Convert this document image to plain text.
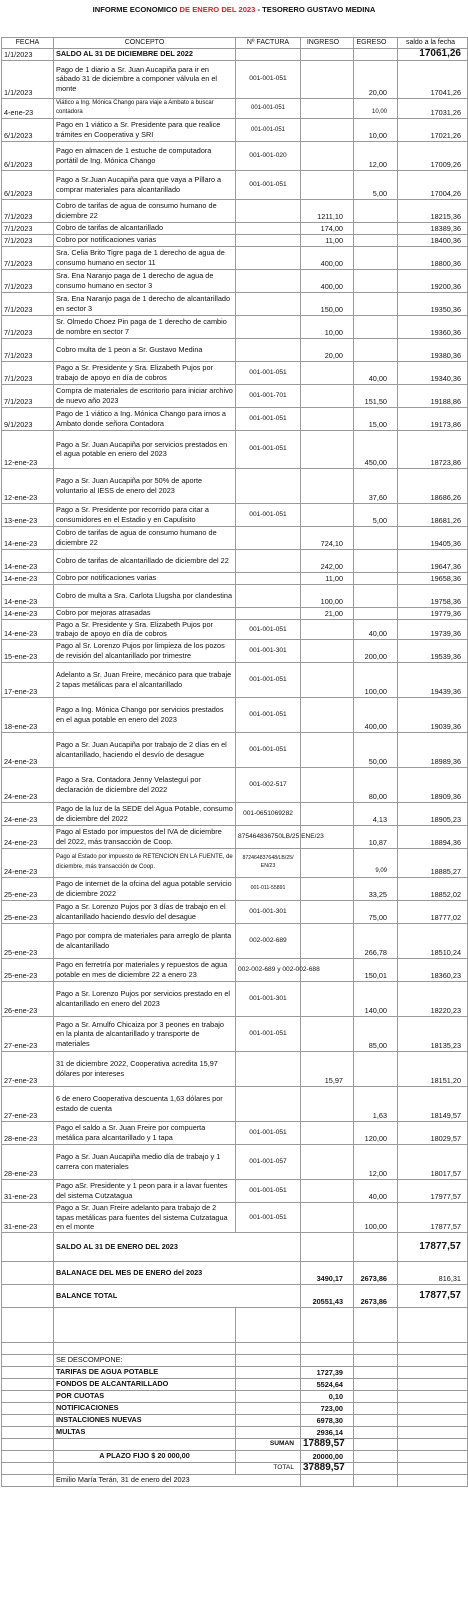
INFORME ECONOMICO DE ENERO DEL 2023 - TESORERO GUSTAVO MEDINA
FECHA	CONCEPTO	Nº FACTURA	INGRESO	EGRESO	saldo a la fecha
1/1/2023	SALDO AL 31 DE DICIEMBRE DEL 2022				17061,26
1/1/2023	Pago de 1 diario a Sr. Juan Aucapiña para ir en sábado 31 de diciembre a componer válvula en el monte	001-001-051		20,00	17041,26
4-ene-23	Viático a Ing. Mónica Chango para viaje a Ambato a buscar contadora	001-001-051		10,00	17031,26
6/1/2023	Pago en 1 viático a Sr. Presidente para que realice trámites en Cooperativa y SRI	001-001-051		10,00	17021,26
6/1/2023	Pago en almacen de 1 estuche de computadora portátil de Ing. Mónica Chango	001-001-020		12,00	17009,26
6/1/2023	Pago a Sr.Juan Aucapiña para que vaya a Píllaro a comprar materiales para alcantarillado	001-001-051		5,00	17004,26
7/1/2023	Cobro de tarifas de agua de consumo humano de diciembre 22		1211,10		18215,36
7/1/2023	Cobro de tarifas de alcantarillado		174,00		18389,36
7/1/2023	Cobro por notificaciones varias		11,00		18400,36
7/1/2023	Sra. Celia Brito Tigre paga de 1 derecho de agua de consumo humano en sector 11		400,00		18800,36
7/1/2023	Sra. Ena Naranjo paga de 1 derecho de agua de consumo humano en sector 3		400,00		19200,36
7/1/2023	Sra. Ena Naranjo paga de 1 derecho de alcantarillado en sector 3		150,00		19350,36
7/1/2023	Sr. Olmedo Choez Pin paga de 1 derecho de cambio de nombre en sector 7		10,00		19360,36
7/1/2023	Cobro multa de 1 peon a Sr. Gustavo Medina		20,00		19380,36
7/1/2023	Pago a Sr. Presidente y Sra. Elizabeth Pujos por trabajo de apoyo en día de cobros	001-001-051		40,00	19340,36
7/1/2023	Compra de materiales de escritorio para iniciar archivo de nuevo año 2023	001-001-701		151,50	19188,86
9/1/2023	Pago de 1 viático a Ing. Mónica Chango para irnos a Ambato donde señora Contadora	001-001-051		15,00	19173,86
12-ene-23	Pago a Sr. Juan Aucapiña por servicios prestados en el agua potable en enero del 2023	001-001-051		450,00	18723,86
12-ene-23	Pago a Sr. Juan Aucapiña por 50% de aporte voluntario al IESS de enero del 2023			37,60	18686,26
13-ene-23	Pago a Sr. Presidente por recorrido para citar a consumidores en el Estadio y en Capulisito	001-001-051		5,00	18681,26
14-ene-23	Cobro de tarifas de agua de consumo humano de diciembre 22		724,10		19405,36
14-ene-23	Cobro de tarifas de alcantarillado de diciembre del 22		242,00		19647,36
14-ene-23	Cobro por notificaciones varias		11,00		19658,36
14-ene-23	Cobro de multa a Sra. Carlota Llugsha por clandestina		100,00		19758,36
14-ene-23	Cobro por mejoras atrasadas		21,00		19779,36
14-ene-23	Pago a Sr. Presidente y Sra. Elizabeth Pujos por trabajo de apoyo en día de cobros	001-001-051		40,00	19739,36
15-ene-23	Pago al Sr. Lorenzo Pujos por limpieza de los pozos de revisión del alcantarillado por trimestre	001-001-301		200,00	19539,36
17-ene-23	Adelanto a Sr. Juan Freire, mecánico para que trabaje 2 tapas metálicas para el alcantarillado	001-001-051		100,00	19439,36
18-ene-23	Pago a Ing. Mónica Chango por servicios prestados en el agua potable en enero del 2023	001-001-051		400,00	19039,36
24-ene-23	Pago a Sr. Juan Aucapiña por trabajo de 2 días en el alcantarillado, haciendo el desvío de desague	001-001-051		50,00	18989,36
24-ene-23	Pago a Sra. Contadora Jenny Velasteguí por declaración de diciembre del 2022	001-002-517		80,00	18909,36
24-ene-23	Pago de la luz de la SEDE del Agua Potable, consumo de diciembre del 2022	001-0651069282		4,13	18905,23
24-ene-23	Pago al Estado por impuestos del IVA de diciembre del 2022, más transacción de Coop.	875464836750LB/25 ENE/23		10,87	18894,36
24-ene-23	Pago al Estado por impuesto de RETENCION EN LA FUENTE, de diciembre, más transacción de Coop.	872464837648/LB/25/ EN/23		9,09	18885,27
25-ene-23	Pago de internet de la ofcina del agua potable servicio de diciembre 2022	001-011-55891		33,25	18852,02
25-ene-23	Pago a Sr. Lorenzo Pujos por 3 días de trabajo en el alcantarillado haciendo desvío del desague	001-001-301		75,00	18777,02
25-ene-23	Pago por compra de materiales para arreglo de planta de alcantarillado	002-002-689		266,78	18510,24
25-ene-23	Pago en ferretría por materiales y repuestos de agua potable en mes de diciembre 22 a enero 23	002-002-689 y 002-002-688		150,01	18360,23
26-ene-23	Pago a Sr. Lorenzo Pujos por servicios prestado en el alcantarillado en enero del 2023	001-001-301		140,00	18220,23
27-ene-23	Pago a Sr. Arnulfo Chicaiza por 3 peones en trabajo en la planta de alcantarillado y transporte de materiales	001-001-051		85,00	18135,23
27-ene-23	31 de diciembre 2022, Cooperativa acredita 15,97 dólares por intereses		15,97		18151,20
27-ene-23	6 de enero Cooperativa descuenta 1,63 dólares por estado de cuenta			1,63	18149,57
28-ene-23	Pago el saldo a Sr. Juan Freire por compuerta metálica para alcantarillado y 1 tapa	001-001-051		120,00	18029,57
28-ene-23	Pago a Sr. Juan Aucapiña medio día de trabajo y 1 carrera con materiales	001-001-057		12,00	18017,57
31-ene-23	Pago aSr. Presidente y 1 peon para ir a lavar fuentes del sistema Cutzatagua	001-001-051		40,00	17977,57
31-ene-23	Pago a Sr. Juan Freire adelanto para trabajo de 2 tapas metálicas para fuentes del sistema Cutzatagua en el monte	001-001-051		100,00	17877,57
	SALDO AL 31 DE ENERO DEL 2023				17877,57
	BALANACE DEL MES DE ENERO del 2023		3490,17	2673,86	816,31
	BALANCE TOTAL		20551,43	2673,86	17877,57

	SE DESCOMPONE:				
	TARIFAS DE AGUA POTABLE		1727,39		
	FONDOS DE ALCANTARILLADO		5524,64		
	POR CUOTAS		0,10		
	NOTIFICACIONES		723,00		
	INSTALCIONES NUEVAS		6978,30		
	MULTAS		2936,14		
		SUMAN	17889,57		
	A PLAZO FIJO $ 20 000,00		20000,00		
		TOTAL	37889,57		
	Emilio María Terán, 31 de enero del 2023				
